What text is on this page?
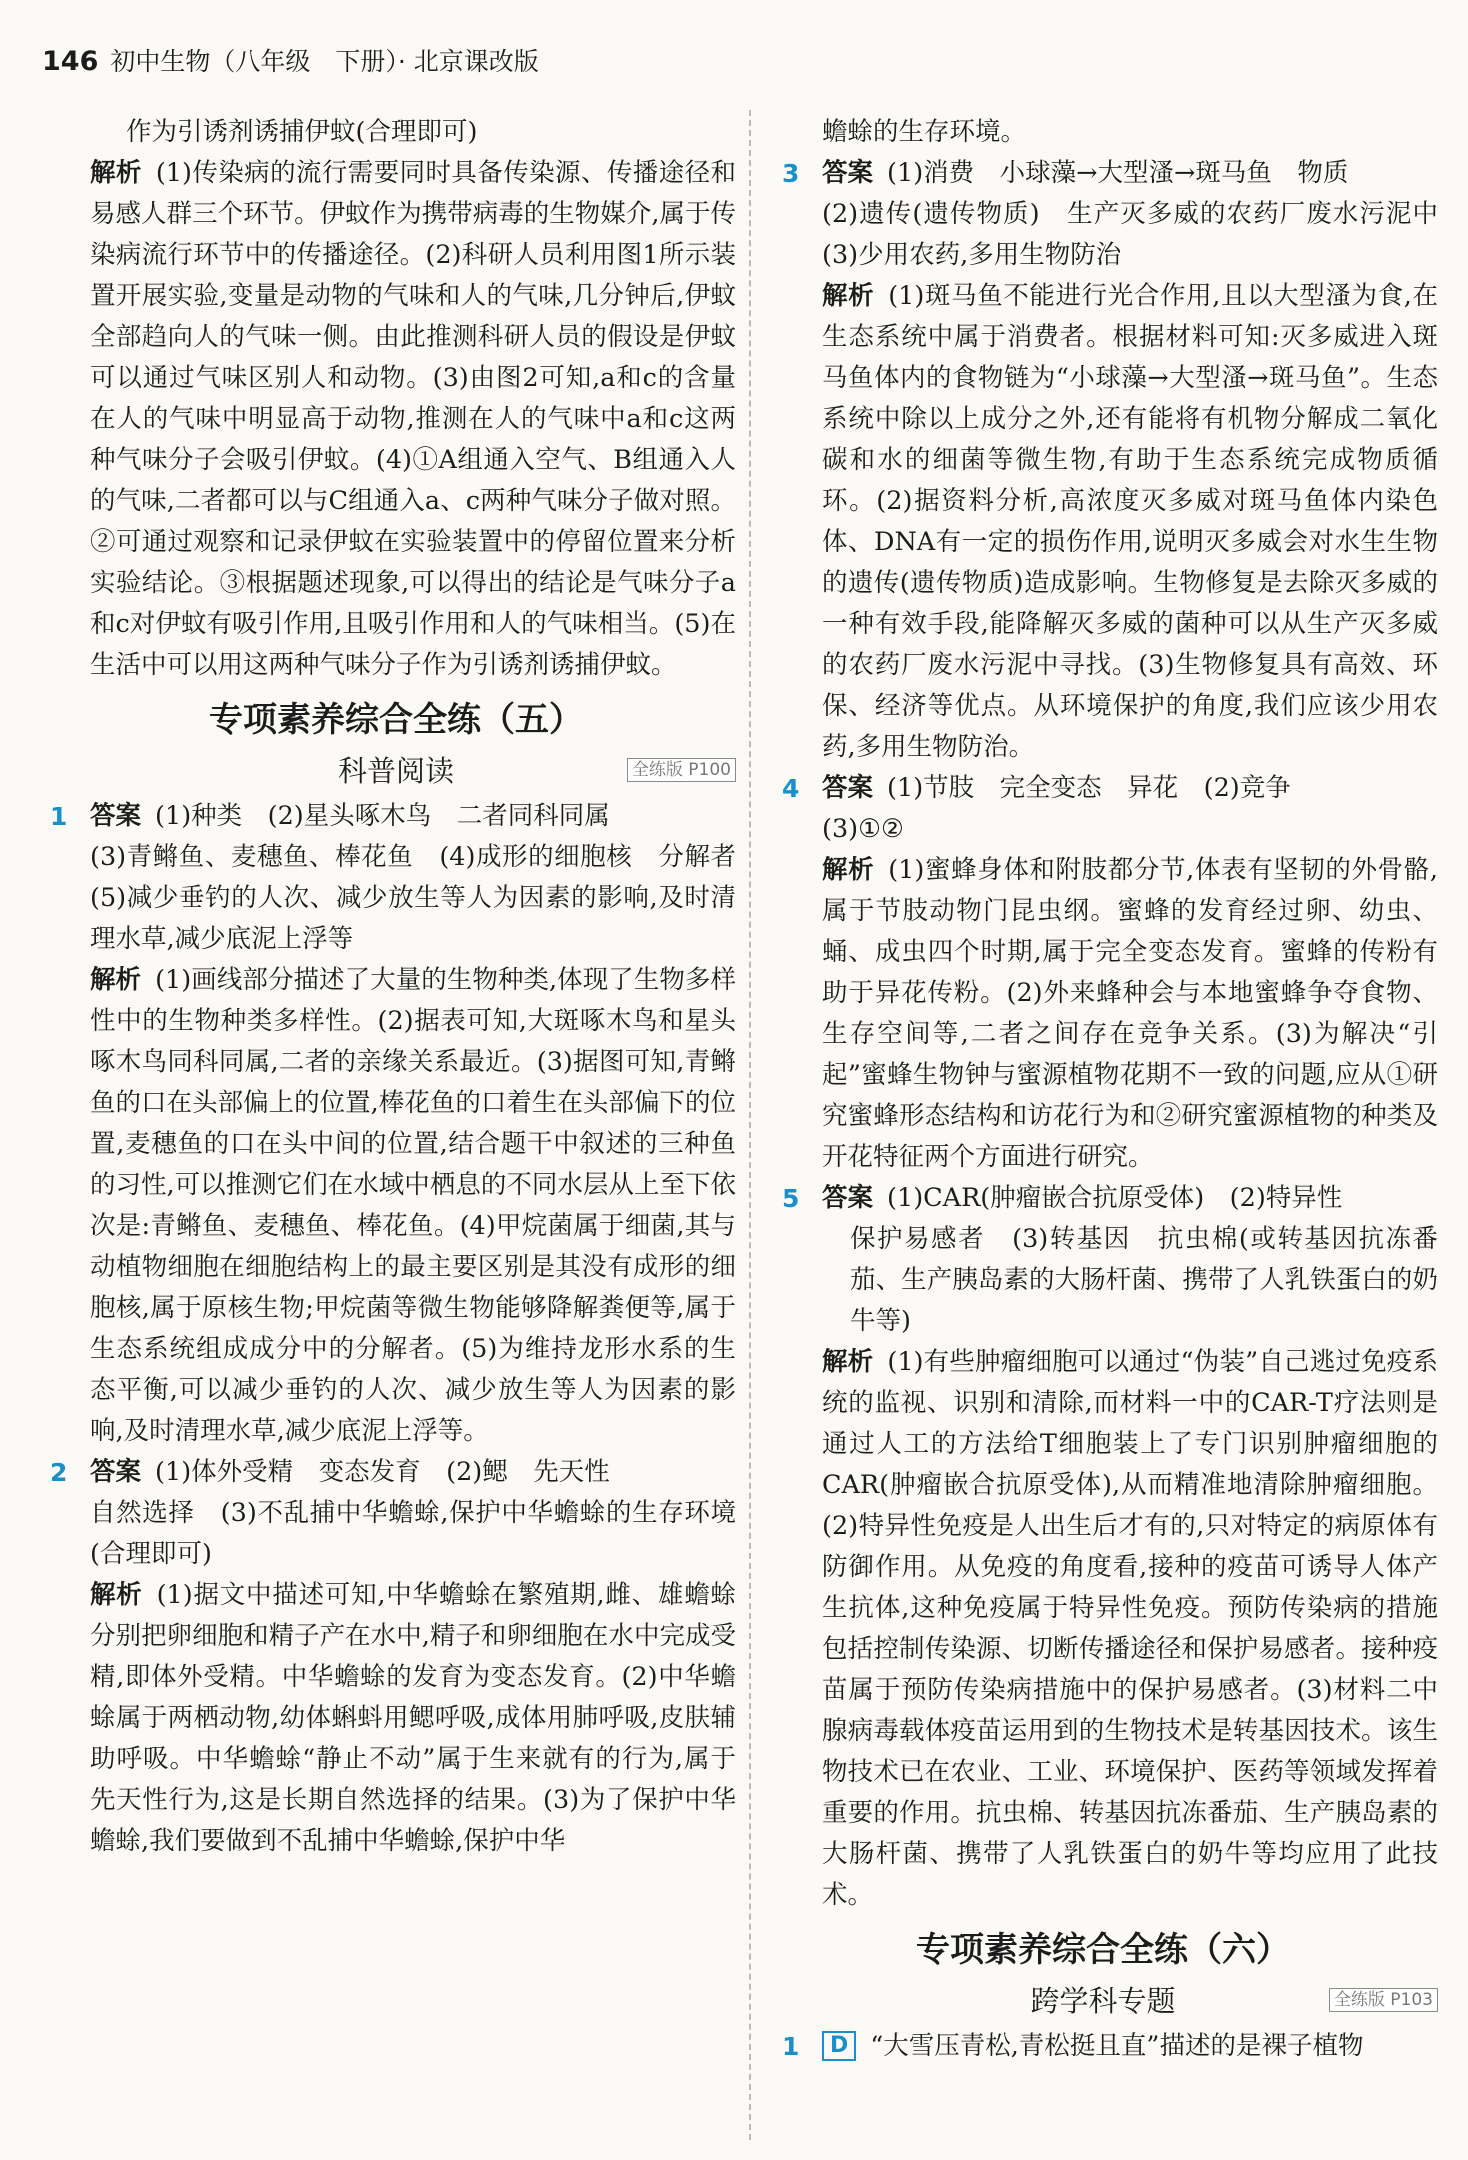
146 初中生物（八年级　下册）· 北京课改版

作为引诱剂诱捕伊蚊(合理即可)

解析 (1)传染病的流行需要同时具备传染源、传播途径和易感人群三个环节。伊蚊作为携带病毒的生物媒介,属于传染病流行环节中的传播途径。(2)科研人员利用图1所示装置开展实验,变量是动物的气味和人的气味,几分钟后,伊蚊全部趋向人的气味一侧。由此推测科研人员的假设是伊蚊可以通过气味区别人和动物。(3)由图2可知,a和c的含量在人的气味中明显高于动物,推测在人的气味中a和c这两种气味分子会吸引伊蚊。(4)①A组通入空气、B组通入人的气味,二者都可以与C组通入a、c两种气味分子做对照。②可通过观察和记录伊蚊在实验装置中的停留位置来分析实验结论。③根据题述现象,可以得出的结论是气味分子a和c对伊蚊有吸引作用,且吸引作用和人的气味相当。(5)在生活中可以用这两种气味分子作为引诱剂诱捕伊蚊。

专项素养综合全练（五）
科普阅读	全练版 P100
1 答案 (1)种类　(2)星头啄木鸟　二者同科同属

(3)青鳉鱼、麦穗鱼、棒花鱼　(4)成形的细胞核　分解者　(5)减少垂钓的人次、减少放生等人为因素的影响,及时清理水草,减少底泥上浮等

解析 (1)画线部分描述了大量的生物种类,体现了生物多样性中的生物种类多样性。(2)据表可知,大斑啄木鸟和星头啄木鸟同科同属,二者的亲缘关系最近。(3)据图可知,青鳉鱼的口在头部偏上的位置,棒花鱼的口着生在头部偏下的位置,麦穗鱼的口在头中间的位置,结合题干中叙述的三种鱼的习性,可以推测它们在水域中栖息的不同水层从上至下依次是:青鳉鱼、麦穗鱼、棒花鱼。(4)甲烷菌属于细菌,其与动植物细胞在细胞结构上的最主要区别是其没有成形的细胞核,属于原核生物;甲烷菌等微生物能够降解粪便等,属于生态系统组成成分中的分解者。(5)为维持龙形水系的生态平衡,可以减少垂钓的人次、减少放生等人为因素的影响,及时清理水草,减少底泥上浮等。

2 答案 (1)体外受精　变态发育　(2)鳃　先天性

自然选择　(3)不乱捕中华蟾蜍,保护中华蟾蜍的生存环境(合理即可)

解析 (1)据文中描述可知,中华蟾蜍在繁殖期,雌、雄蟾蜍分别把卵细胞和精子产在水中,精子和卵细胞在水中完成受精,即体外受精。中华蟾蜍的发育为变态发育。(2)中华蟾蜍属于两栖动物,幼体蝌蚪用鳃呼吸,成体用肺呼吸,皮肤辅助呼吸。中华蟾蜍“静止不动”属于生来就有的行为,属于先天性行为,这是长期自然选择的结果。(3)为了保护中华蟾蜍,我们要做到不乱捕中华蟾蜍,保护中华

蟾蜍的生存环境。

3 答案 (1)消费　小球藻→大型溞→斑马鱼　物质

(2)遗传(遗传物质)　生产灭多威的农药厂废水污泥中　(3)少用农药,多用生物防治

解析 (1)斑马鱼不能进行光合作用,且以大型溞为食,在生态系统中属于消费者。根据材料可知:灭多威进入斑马鱼体内的食物链为“小球藻→大型溞→斑马鱼”。生态系统中除以上成分之外,还有能将有机物分解成二氧化碳和水的细菌等微生物,有助于生态系统完成物质循环。(2)据资料分析,高浓度灭多威对斑马鱼体内染色体、DNA有一定的损伤作用,说明灭多威会对水生生物的遗传(遗传物质)造成影响。生物修复是去除灭多威的一种有效手段,能降解灭多威的菌种可以从生产灭多威的农药厂废水污泥中寻找。(3)生物修复具有高效、环保、经济等优点。从环境保护的角度,我们应该少用农药,多用生物防治。

4 答案 (1)节肢　完全变态　异花　(2)竞争

(3)①②

解析 (1)蜜蜂身体和附肢都分节,体表有坚韧的外骨骼,属于节肢动物门昆虫纲。蜜蜂的发育经过卵、幼虫、蛹、成虫四个时期,属于完全变态发育。蜜蜂的传粉有助于异花传粉。(2)外来蜂种会与本地蜜蜂争夺食物、生存空间等,二者之间存在竞争关系。(3)为解决“引起”蜜蜂生物钟与蜜源植物花期不一致的问题,应从①研究蜜蜂形态结构和访花行为和②研究蜜源植物的种类及开花特征两个方面进行研究。

5 答案 (1)CAR(肿瘤嵌合抗原受体)　(2)特异性

保护易感者　(3)转基因　抗虫棉(或转基因抗冻番茄、生产胰岛素的大肠杆菌、携带了人乳铁蛋白的奶牛等)

解析 (1)有些肿瘤细胞可以通过“伪装”自己逃过免疫系统的监视、识别和清除,而材料一中的CAR-T疗法则是通过人工的方法给T细胞装上了专门识别肿瘤细胞的CAR(肿瘤嵌合抗原受体),从而精准地清除肿瘤细胞。(2)特异性免疫是人出生后才有的,只对特定的病原体有防御作用。从免疫的角度看,接种的疫苗可诱导人体产生抗体,这种免疫属于特异性免疫。预防传染病的措施包括控制传染源、切断传播途径和保护易感者。接种疫苗属于预防传染病措施中的保护易感者。(3)材料二中腺病毒载体疫苗运用到的生物技术是转基因技术。该生物技术已在农业、工业、环境保护、医药等领域发挥着重要的作用。抗虫棉、转基因抗冻番茄、生产胰岛素的大肠杆菌、携带了人乳铁蛋白的奶牛等均应用了此技术。

专项素养综合全练（六）
跨学科专题	全练版 P103
1	D “大雪压青松,青松挺且直”描述的是裸子植物
